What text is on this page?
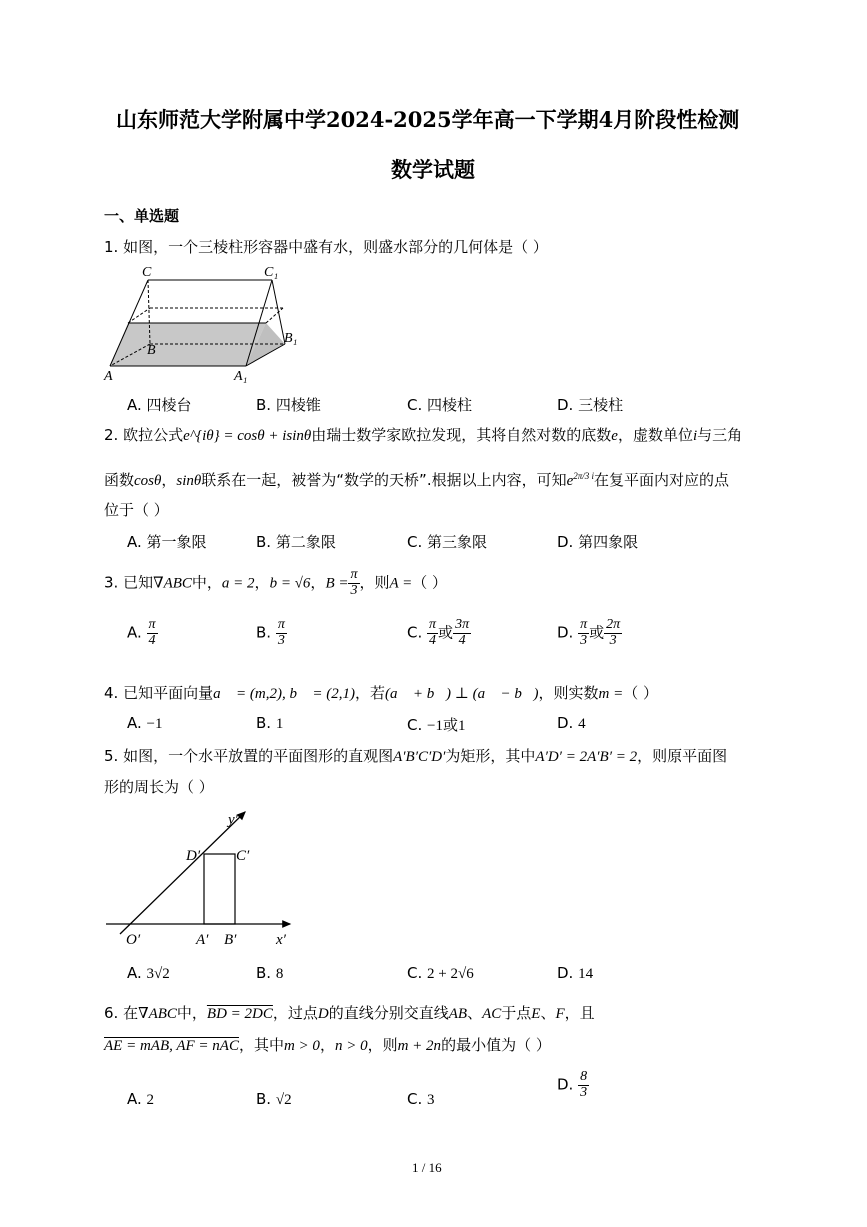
山东师范大学附属中学2024-2025学年高一下学期4月阶段性检测
数学试题
一、单选题
1. 如图，一个三棱柱形容器中盛有水，则盛水部分的几何体是（ ）
C	C₁
B
B₁
A	A₁
A. 四棱台	B. 四棱锥	C. 四棱柱	D. 三棱柱
2. 欧拉公式e^{iθ} = cosθ + isinθ由瑞士数学家欧拉发现，其将自然对数的底数e，虚数单位i与三角
函数cosθ，sinθ联系在一起，被誉为“数学的天桥”.根据以上内容，可知$e^{2\pi/3 i}$在复平面内对应的点
位于（ ）
A. 第一象限	B. 第二象限	C. 第三象限	D. 第四象限
3. 已知∇ABC中，a = 2，b = √6，$B = \frac{\pi}{3}$ ，则A =（ ）
A. $\frac{\pi}{4}$	B. $\frac{\pi}{3}$	C. $\frac{\pi}{4}$ 或 $\frac{3\pi}{4}$	D. $\frac{\pi}{3}$ 或 $\frac{2\pi}{3}$
4. 已知平面向量a⃗ = (m,2), b⃗ = (2,1)，若(a⃗ + b⃗) ⊥ (a⃗ − b⃗)，则实数m =（ ）
A. −1	B. 1	C. −1或1	D. 4
5. 如图，一个水平放置的平面图形的直观图A′B′C′D′为矩形，其中A′D′ = 2A′B′ = 2，则原平面图
形的周长为（ ）
y′
D′ C′
O′	A′ B′	x′
A. 3√2	B. 8	C. 2 + 2√6	D. 14
6. 在∇ABC中，BD = 2DC，过点D的直线分别交直线AB、AC于点E、F，且
AE = mAB, AF = nAC，其中m > 0，n > 0，则m + 2n的最小值为（ ）
A. 2	B. √2	C. 3
D. $\frac{8}{3}$
1 / 16
